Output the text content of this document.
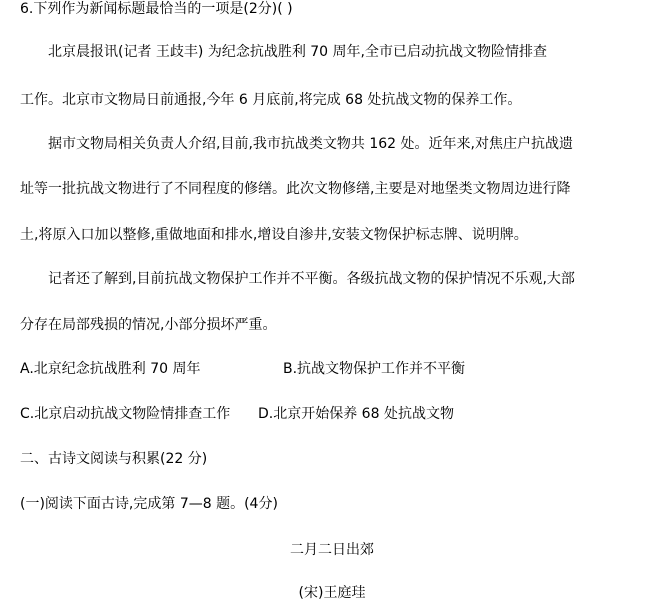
6.下列作为新闻标题最恰当的一项是(2分)( )
北京晨报讯(记者 王歧丰) 为纪念抗战胜利 70 周年,全市已启动抗战文物险情排查
工作。北京市文物局日前通报,今年 6 月底前,将完成 68 处抗战文物的保养工作。
据市文物局相关负责人介绍,目前,我市抗战类文物共 162 处。近年来,对焦庄户抗战遗
址等一批抗战文物进行了不同程度的修缮。此次文物修缮,主要是对地堡类文物周边进行降
土,将原入口加以整修,重做地面和排水,增设自渗井,安装文物保护标志牌、说明牌。
记者还了解到,目前抗战文物保护工作并不平衡。各级抗战文物的保护情况不乐观,大部
分存在局部残损的情况,小部分损坏严重。
A.北京纪念抗战胜利 70 周年	B.抗战文物保护工作并不平衡
C.北京启动抗战文物险情排查工作 D.北京开始保养 68 处抗战文物
二、古诗文阅读与积累(22 分)
(一)阅读下面古诗,完成第 7—8 题。(4分)
二月二日出郊
(宋)王庭珪
